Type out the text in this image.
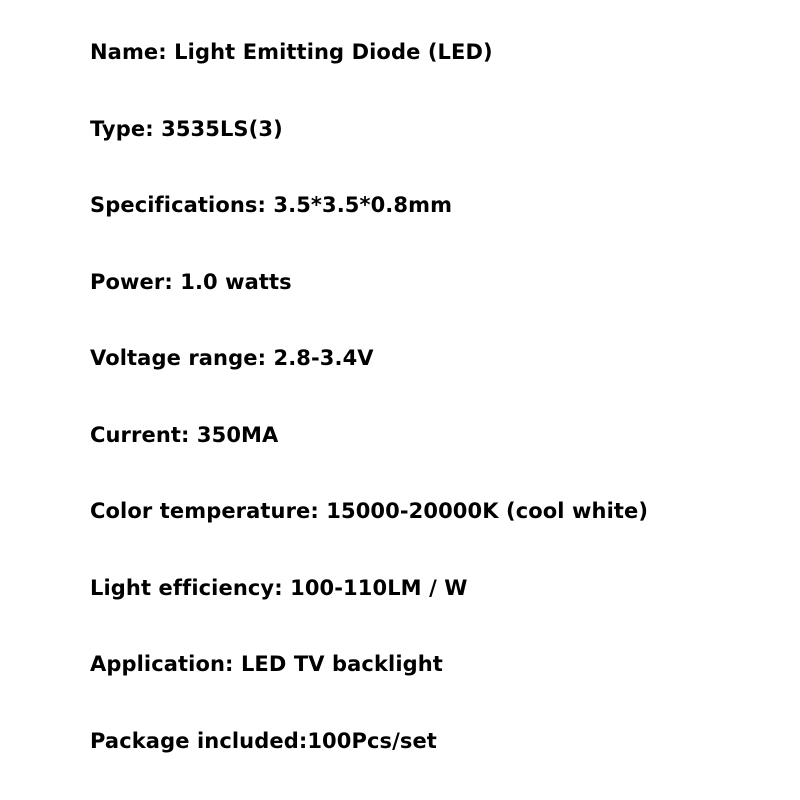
Name: Light Emitting Diode (LED)
Type: 3535LS(3)
Specifications: 3.5*3.5*0.8mm
Power: 1.0 watts
Voltage range: 2.8-3.4V
Current: 350MA
Color temperature: 15000-20000K (cool white)
Light efficiency: 100-110LM / W
Application: LED TV backlight
Package included:100Pcs/set
